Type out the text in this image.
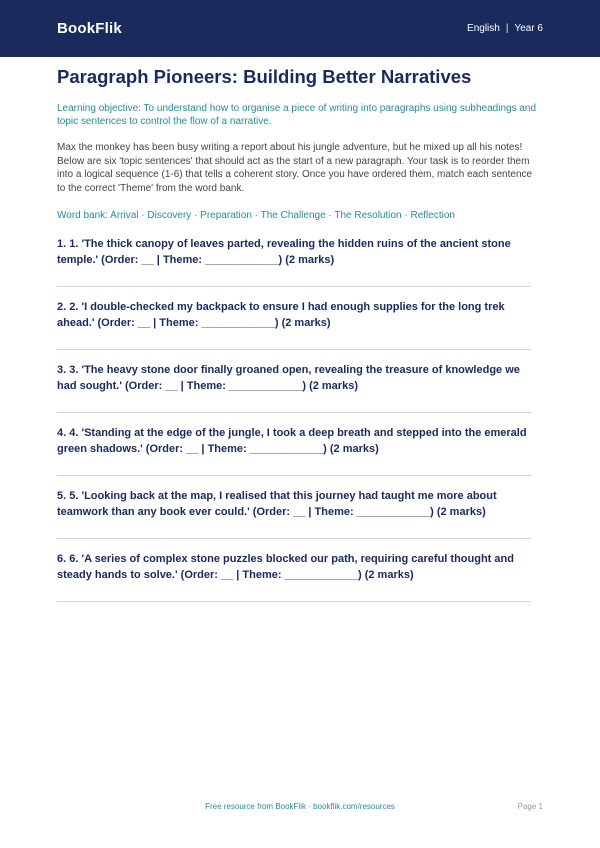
BookFlik	English | Year 6
Paragraph Pioneers: Building Better Narratives

Learning objective: To understand how to organise a piece of writing into paragraphs using subheadings and topic sentences to control the flow of a narrative.

Max the monkey has been busy writing a report about his jungle adventure, but he mixed up all his notes! Below are six 'topic sentences' that should act as the start of a new paragraph. Your task is to reorder them into a logical sequence (1-6) that tells a coherent story. Once you have ordered them, match each sentence to the correct 'Theme' from the word bank.

Word bank: Arrival · Discovery · Preparation · The Challenge · The Resolution · Reflection

1. 1. 'The thick canopy of leaves parted, revealing the hidden ruins of the ancient stone temple.' (Order: __ | Theme: ____________) (2 marks)

2. 2. 'I double-checked my backpack to ensure I had enough supplies for the long trek ahead.' (Order: __ | Theme: ____________) (2 marks)

3. 3. 'The heavy stone door finally groaned open, revealing the treasure of knowledge we had sought.' (Order: __ | Theme: ____________) (2 marks)

4. 4. 'Standing at the edge of the jungle, I took a deep breath and stepped into the emerald green shadows.' (Order: __ | Theme: ____________) (2 marks)

5. 5. 'Looking back at the map, I realised that this journey had taught me more about teamwork than any book ever could.' (Order: __ | Theme: ____________) (2 marks)

6. 6. 'A series of complex stone puzzles blocked our path, requiring careful thought and steady hands to solve.' (Order: __ | Theme: ____________) (2 marks)

Free resource from BookFlik · bookflik.com/resources	Page 1
